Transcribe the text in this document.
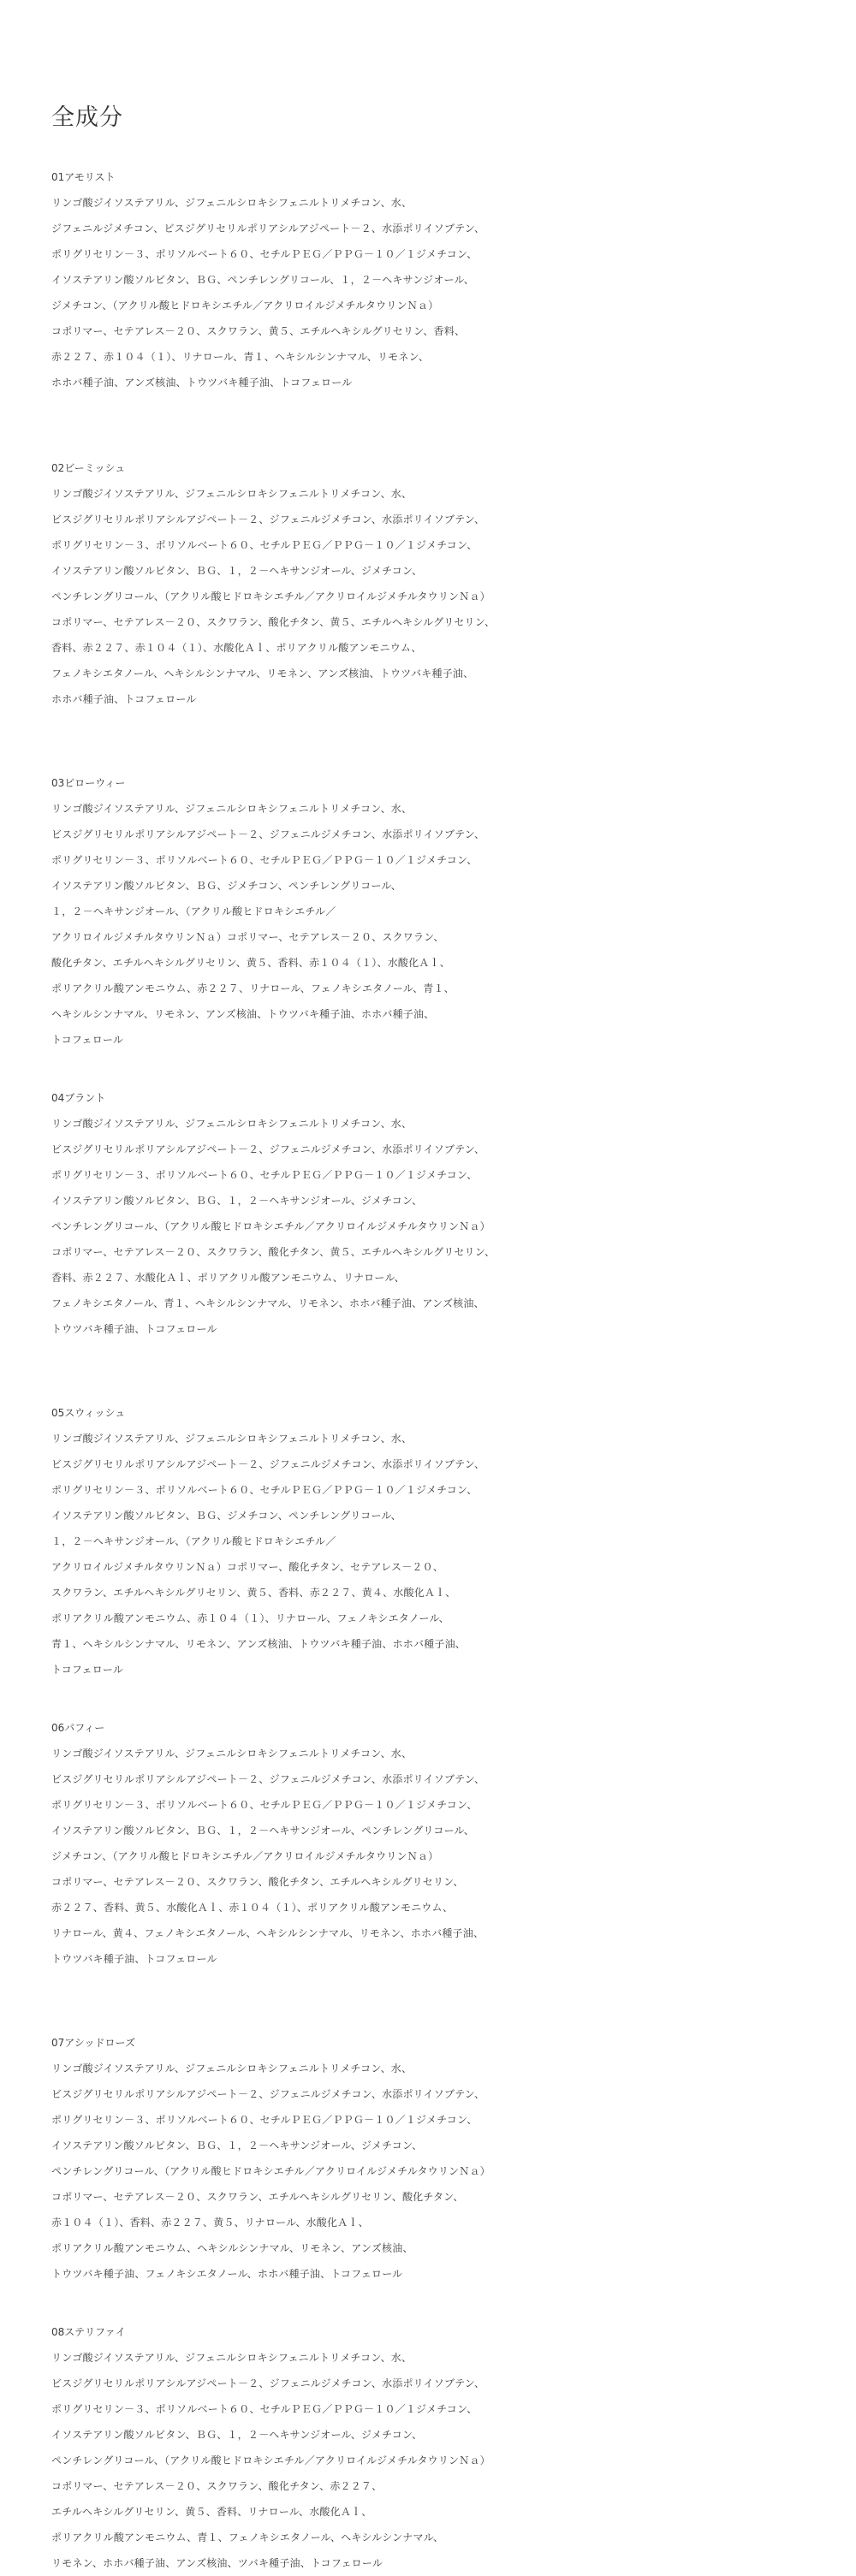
全成分
01アモリスト
リンゴ酸ジイソステアリル、ジフェニルシロキシフェニルトリメチコン、水、
ジフェニルジメチコン、ビスジグリセリルポリアシルアジペート－２、水添ポリイソブテン、
ポリグリセリン－３、ポリソルベート６０、セチルＰＥＧ／ＰＰＧ－１０／１ジメチコン、
イソステアリン酸ソルビタン、ＢＧ、ペンチレングリコール、１，２－ヘキサンジオール、
ジメチコン、（アクリル酸ヒドロキシエチル／アクリロイルジメチルタウリンＮａ）
コポリマー、セテアレス－２０、スクワラン、黄５、エチルヘキシルグリセリン、香料、
赤２２７、赤１０４（１）、リナロール、青１、ヘキシルシンナマル、リモネン、
ホホバ種子油、アンズ核油、トウツバキ種子油、トコフェロール
02ビーミッシュ
リンゴ酸ジイソステアリル、ジフェニルシロキシフェニルトリメチコン、水、
ビスジグリセリルポリアシルアジペート－２、ジフェニルジメチコン、水添ポリイソブテン、
ポリグリセリン－３、ポリソルベート６０、セチルＰＥＧ／ＰＰＧ－１０／１ジメチコン、
イソステアリン酸ソルビタン、ＢＧ、１，２－ヘキサンジオール、ジメチコン、
ペンチレングリコール、（アクリル酸ヒドロキシエチル／アクリロイルジメチルタウリンＮａ）
コポリマー、セテアレス－２０、スクワラン、酸化チタン、黄５、エチルヘキシルグリセリン、
香料、赤２２７、赤１０４（１）、水酸化Ａｌ、ポリアクリル酸アンモニウム、
フェノキシエタノール、ヘキシルシンナマル、リモネン、アンズ核油、トウツバキ種子油、
ホホバ種子油、トコフェロール
03ビローウィー
リンゴ酸ジイソステアリル、ジフェニルシロキシフェニルトリメチコン、水、
ビスジグリセリルポリアシルアジペート－２、ジフェニルジメチコン、水添ポリイソブテン、
ポリグリセリン－３、ポリソルベート６０、セチルＰＥＧ／ＰＰＧ－１０／１ジメチコン、
イソステアリン酸ソルビタン、ＢＧ、ジメチコン、ペンチレングリコール、
１，２－ヘキサンジオール、（アクリル酸ヒドロキシエチル／
アクリロイルジメチルタウリンＮａ）コポリマー、セテアレス－２０、スクワラン、
酸化チタン、エチルヘキシルグリセリン、黄５、香料、赤１０４（１）、水酸化Ａｌ、
ポリアクリル酸アンモニウム、赤２２７、リナロール、フェノキシエタノール、青１、
ヘキシルシンナマル、リモネン、アンズ核油、トウツバキ種子油、ホホバ種子油、
トコフェロール
04ブラント
リンゴ酸ジイソステアリル、ジフェニルシロキシフェニルトリメチコン、水、
ビスジグリセリルポリアシルアジペート－２、ジフェニルジメチコン、水添ポリイソブテン、
ポリグリセリン－３、ポリソルベート６０、セチルＰＥＧ／ＰＰＧ－１０／１ジメチコン、
イソステアリン酸ソルビタン、ＢＧ、１，２－ヘキサンジオール、ジメチコン、
ペンチレングリコール、（アクリル酸ヒドロキシエチル／アクリロイルジメチルタウリンＮａ）
コポリマー、セテアレス－２０、スクワラン、酸化チタン、黄５、エチルヘキシルグリセリン、
香料、赤２２７、水酸化Ａｌ、ポリアクリル酸アンモニウム、リナロール、
フェノキシエタノール、青１、ヘキシルシンナマル、リモネン、ホホバ種子油、アンズ核油、
トウツバキ種子油、トコフェロール
05スウィッシュ
リンゴ酸ジイソステアリル、ジフェニルシロキシフェニルトリメチコン、水、
ビスジグリセリルポリアシルアジペート－２、ジフェニルジメチコン、水添ポリイソブテン、
ポリグリセリン－３、ポリソルベート６０、セチルＰＥＧ／ＰＰＧ－１０／１ジメチコン、
イソステアリン酸ソルビタン、ＢＧ、ジメチコン、ペンチレングリコール、
１，２－ヘキサンジオール、（アクリル酸ヒドロキシエチル／
アクリロイルジメチルタウリンＮａ）コポリマー、酸化チタン、セテアレス－２０、
スクワラン、エチルヘキシルグリセリン、黄５、香料、赤２２７、黄４、水酸化Ａｌ、
ポリアクリル酸アンモニウム、赤１０４（１）、リナロール、フェノキシエタノール、
青１、ヘキシルシンナマル、リモネン、アンズ核油、トウツバキ種子油、ホホバ種子油、
トコフェロール
06パフィー
リンゴ酸ジイソステアリル、ジフェニルシロキシフェニルトリメチコン、水、
ビスジグリセリルポリアシルアジペート－２、ジフェニルジメチコン、水添ポリイソブテン、
ポリグリセリン－３、ポリソルベート６０、セチルＰＥＧ／ＰＰＧ－１０／１ジメチコン、
イソステアリン酸ソルビタン、ＢＧ、１，２－ヘキサンジオール、ペンチレングリコール、
ジメチコン、（アクリル酸ヒドロキシエチル／アクリロイルジメチルタウリンＮａ）
コポリマー、セテアレス－２０、スクワラン、酸化チタン、エチルヘキシルグリセリン、
赤２２７、香料、黄５、水酸化Ａｌ、赤１０４（１）、ポリアクリル酸アンモニウム、
リナロール、黄４、フェノキシエタノール、ヘキシルシンナマル、リモネン、ホホバ種子油、
トウツバキ種子油、トコフェロール
07アシッドローズ
リンゴ酸ジイソステアリル、ジフェニルシロキシフェニルトリメチコン、水、
ビスジグリセリルポリアシルアジペート－２、ジフェニルジメチコン、水添ポリイソブテン、
ポリグリセリン－３、ポリソルベート６０、セチルＰＥＧ／ＰＰＧ－１０／１ジメチコン、
イソステアリン酸ソルビタン、ＢＧ、１，２－ヘキサンジオール、ジメチコン、
ペンチレングリコール、（アクリル酸ヒドロキシエチル／アクリロイルジメチルタウリンＮａ）
コポリマー、セテアレス－２０、スクワラン、エチルヘキシルグリセリン、酸化チタン、
赤１０４（１）、香料、赤２２７、黄５、リナロール、水酸化Ａｌ、
ポリアクリル酸アンモニウム、ヘキシルシンナマル、リモネン、アンズ核油、
トウツバキ種子油、フェノキシエタノール、ホホバ種子油、トコフェロール
08ステリファイ
リンゴ酸ジイソステアリル、ジフェニルシロキシフェニルトリメチコン、水、
ビスジグリセリルポリアシルアジペート－２、ジフェニルジメチコン、水添ポリイソブテン、
ポリグリセリン－３、ポリソルベート６０、セチルＰＥＧ／ＰＰＧ－１０／１ジメチコン、
イソステアリン酸ソルビタン、ＢＧ、１，２－ヘキサンジオール、ジメチコン、
ペンチレングリコール、（アクリル酸ヒドロキシエチル／アクリロイルジメチルタウリンＮａ）
コポリマー、セテアレス－２０、スクワラン、酸化チタン、赤２２７、
エチルヘキシルグリセリン、黄５、香料、リナロール、水酸化Ａｌ、
ポリアクリル酸アンモニウム、青１、フェノキシエタノール、ヘキシルシンナマル、
リモネン、ホホバ種子油、アンズ核油、ツバキ種子油、トコフェロール
